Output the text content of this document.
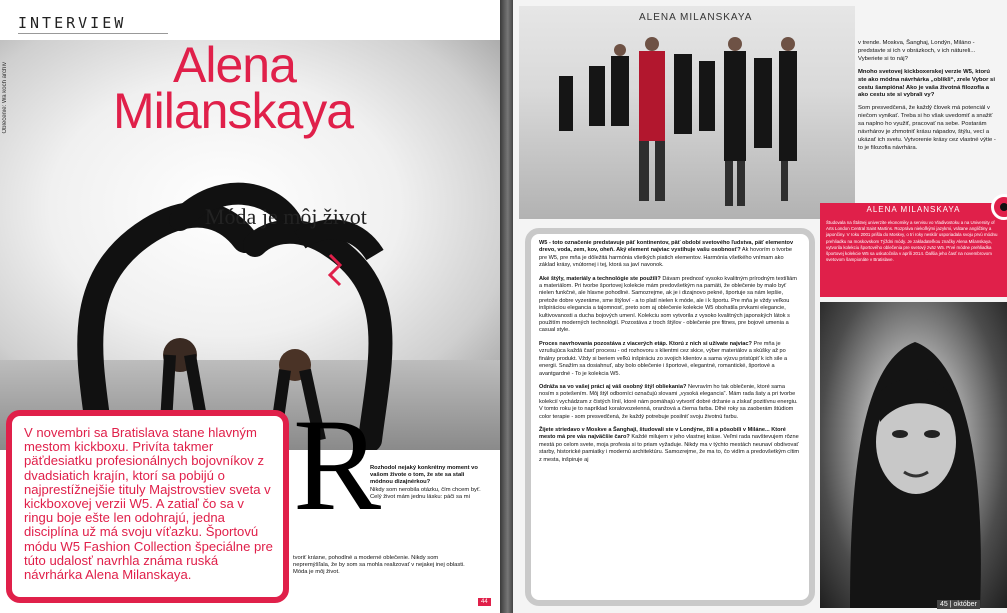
INTERVIEW
Oblečenie: Wa koch archív	Alena
Milanskaya
Móda je môj život

V novembri sa Bratislava stane hlavným mestom kickboxu. Privíta takmer päťdesiatku profesionálnych bojovníkov z dvadsiatich krajín, ktorí sa pobijú o najprestížnejšie tituly Majstrovstiev sveta v kickboxovej verzii W5. A zatiaľ čo sa v ringu boje ešte len odohrajú, jedna disciplína už má svoju víťazku. Športovú módu W5 Fashion Collection špeciálne pre túto udalosť navrhla známa ruská návrhárka Alena Milanskaya.

R
Rozhodol nejaký konkrétny moment vo vašom živote o tom, že ste sa stali módnou dizajnérkou?
Nikdy som nerobila otázku, čím chcem byť. Celý život mám jednu lásku: páči sa mi
tvoriť krásne, pohodlné a moderné oblečenie. Nikdy som nepremýšľala, že by som sa mohla realizovať v nejakej inej oblasti. Móda je môj život.
44
ALENA MILANSKAYA

v trende. Moskva, Šanghaj, Londýn, Miláno - predstavte si ich v obrázkoch, v ich nátureli... Vyberiete si to náj?

Mnoho svetovej kickboxerskej verzie W5, ktorú ste ako módna návrhárka „oblikli“, zrele Vybor si cestu šampióna! Ako je vaša životná filozofia a ako cestu ste si vybrali vy?

Som presvedčená, že každý človek má potenciál v niečom vynikať. Treba si ho však uvedomiť a snažiť sa naplno ho využiť, pracovať na sebe. Postarám návrhárov je zhmotniť krásu nápadov, štýlu, vecí a ukázať ich svetu. Vytvorenie krásy cez vlastné výtie - to je filozofia návrhára.

W5 - toto označenie predstavuje päť kontinentov, päť období svetového ľudstva, päť elementov drevo, voda, zem, kov, oheň. Aký element najviac vystihuje vašu osobnosť? Ak hovorím o tvorbe pre W5, pre mňa je dôležitá harmónia všetkých piatich elementov. Harmónia všetkého vnímam ako základ krásy, vnútornej i tej, ktorá sa javí navonok.

Aké štýly, materiály a technológie ste použili? Dávam prednosť vysoko kvalitným prírodným textíliám a materiálom. Pri tvorbe športovej kolekcie mám predovšetkým na pamäti, že oblečenie by malo byť nielen funkčné, ale hlavne pohodlné. Samozrejme, ak je i dizajnovo pekné, športuje sa nám lepšie, pretože dobre vyzeráme, sme štýloví - a to platí nielen k móde, ale i k športu. Pre mňa je vždy veľkou inšpiráciou elegancia a tajomnosť, preto som aj oblečenie kolekcie W5 obohatila prvkami elegancie, kultivovanosti a ducha bojových umení. Kolekciu som vytvorila z vysoko kvalitných japonských látok s použitím moderných technológií. Pozostáva z troch štýlov - oblečenie pre fitnes, pre bojové umenia a casual style.

Proces navrhovania pozostáva z viacerých etáp. Ktorú z nich si užívate najviac? Pre mňa je vzrušujúca každá časť procesu - od rozhovoru s klientmi cez skice, výber materiálov a skúšky až po finálny produkt. Vždy si beriem veľkú inšpiráciu zo svojich klientov a sama výzvu pristúpiť k ich sile a energii. Snažím sa dosiahnuť, aby bolo oblečenie i športové, elegantné, romantické, športové a avantgardné - To je kolekcia W5.

Odráža sa vo vašej práci aj váš osobný štýl obliekania? Nevravím ho tak oblečenie, ktoré sama nosím s potešením. Môj štýl odborníci označujú slovami „vysoká elegancia“. Mám rada šaty a pri tvorbe kolekcií vychádzam z čistých línií, ktoré nám pomáhajú vytvoriť dobré držanie a získať pozitívnu energiu. V tomto roku je to napríklad koralovozelenná, oranžová a čierna farba. Dlhé roky sa zaoberám štúdiom color terapie - som presvedčená, že každý potrebuje posilniť svoju životnú farbu.

Žijete striedavo v Moskve a Šanghaji, študovali ste v Londýne, žili a pôsobili v Miláne... Ktoré mesto má pre vás najväčšie čaro? Každé milujem v jeho vlastnej kráse. Veľmi rada navštevujem rôzne mestá po celom svete, moja profesia si to priam vyžaduje. Nikdy ma v týchto mestách neunaví obdivovať starby, historické pamiatky i modernú architektúru. Samozrejme, že ma to, čo vidím a predovšetkým cítim z mesta, inšpiruje aj

ALENA MILANSKAYA
Študovala na Štátnej univerzite ekonomiky a servisu vo Vladivostoku a na University of Arts London Central Saint Martins. Rozpráva niekoľkými jazykmi, vrátane angličtiny a japončiny. V roku 2001 prišla do Moskvy, o tri roky neskôr usporiadala svoju prvú módnu prehliadku na moskovskom Týždni módy. Je zakladateľkou značky Alena Milanskaya, vytvorila kolekciu športového oblečenia pre svetový zväz W5. Prvé módne prehliadka športovej kolekcie W5 sa uskutočnila v apríli 2014. Ďalšia jeho časť na novembrovom svetovom šampionáte v Bratislave.
45 | október
